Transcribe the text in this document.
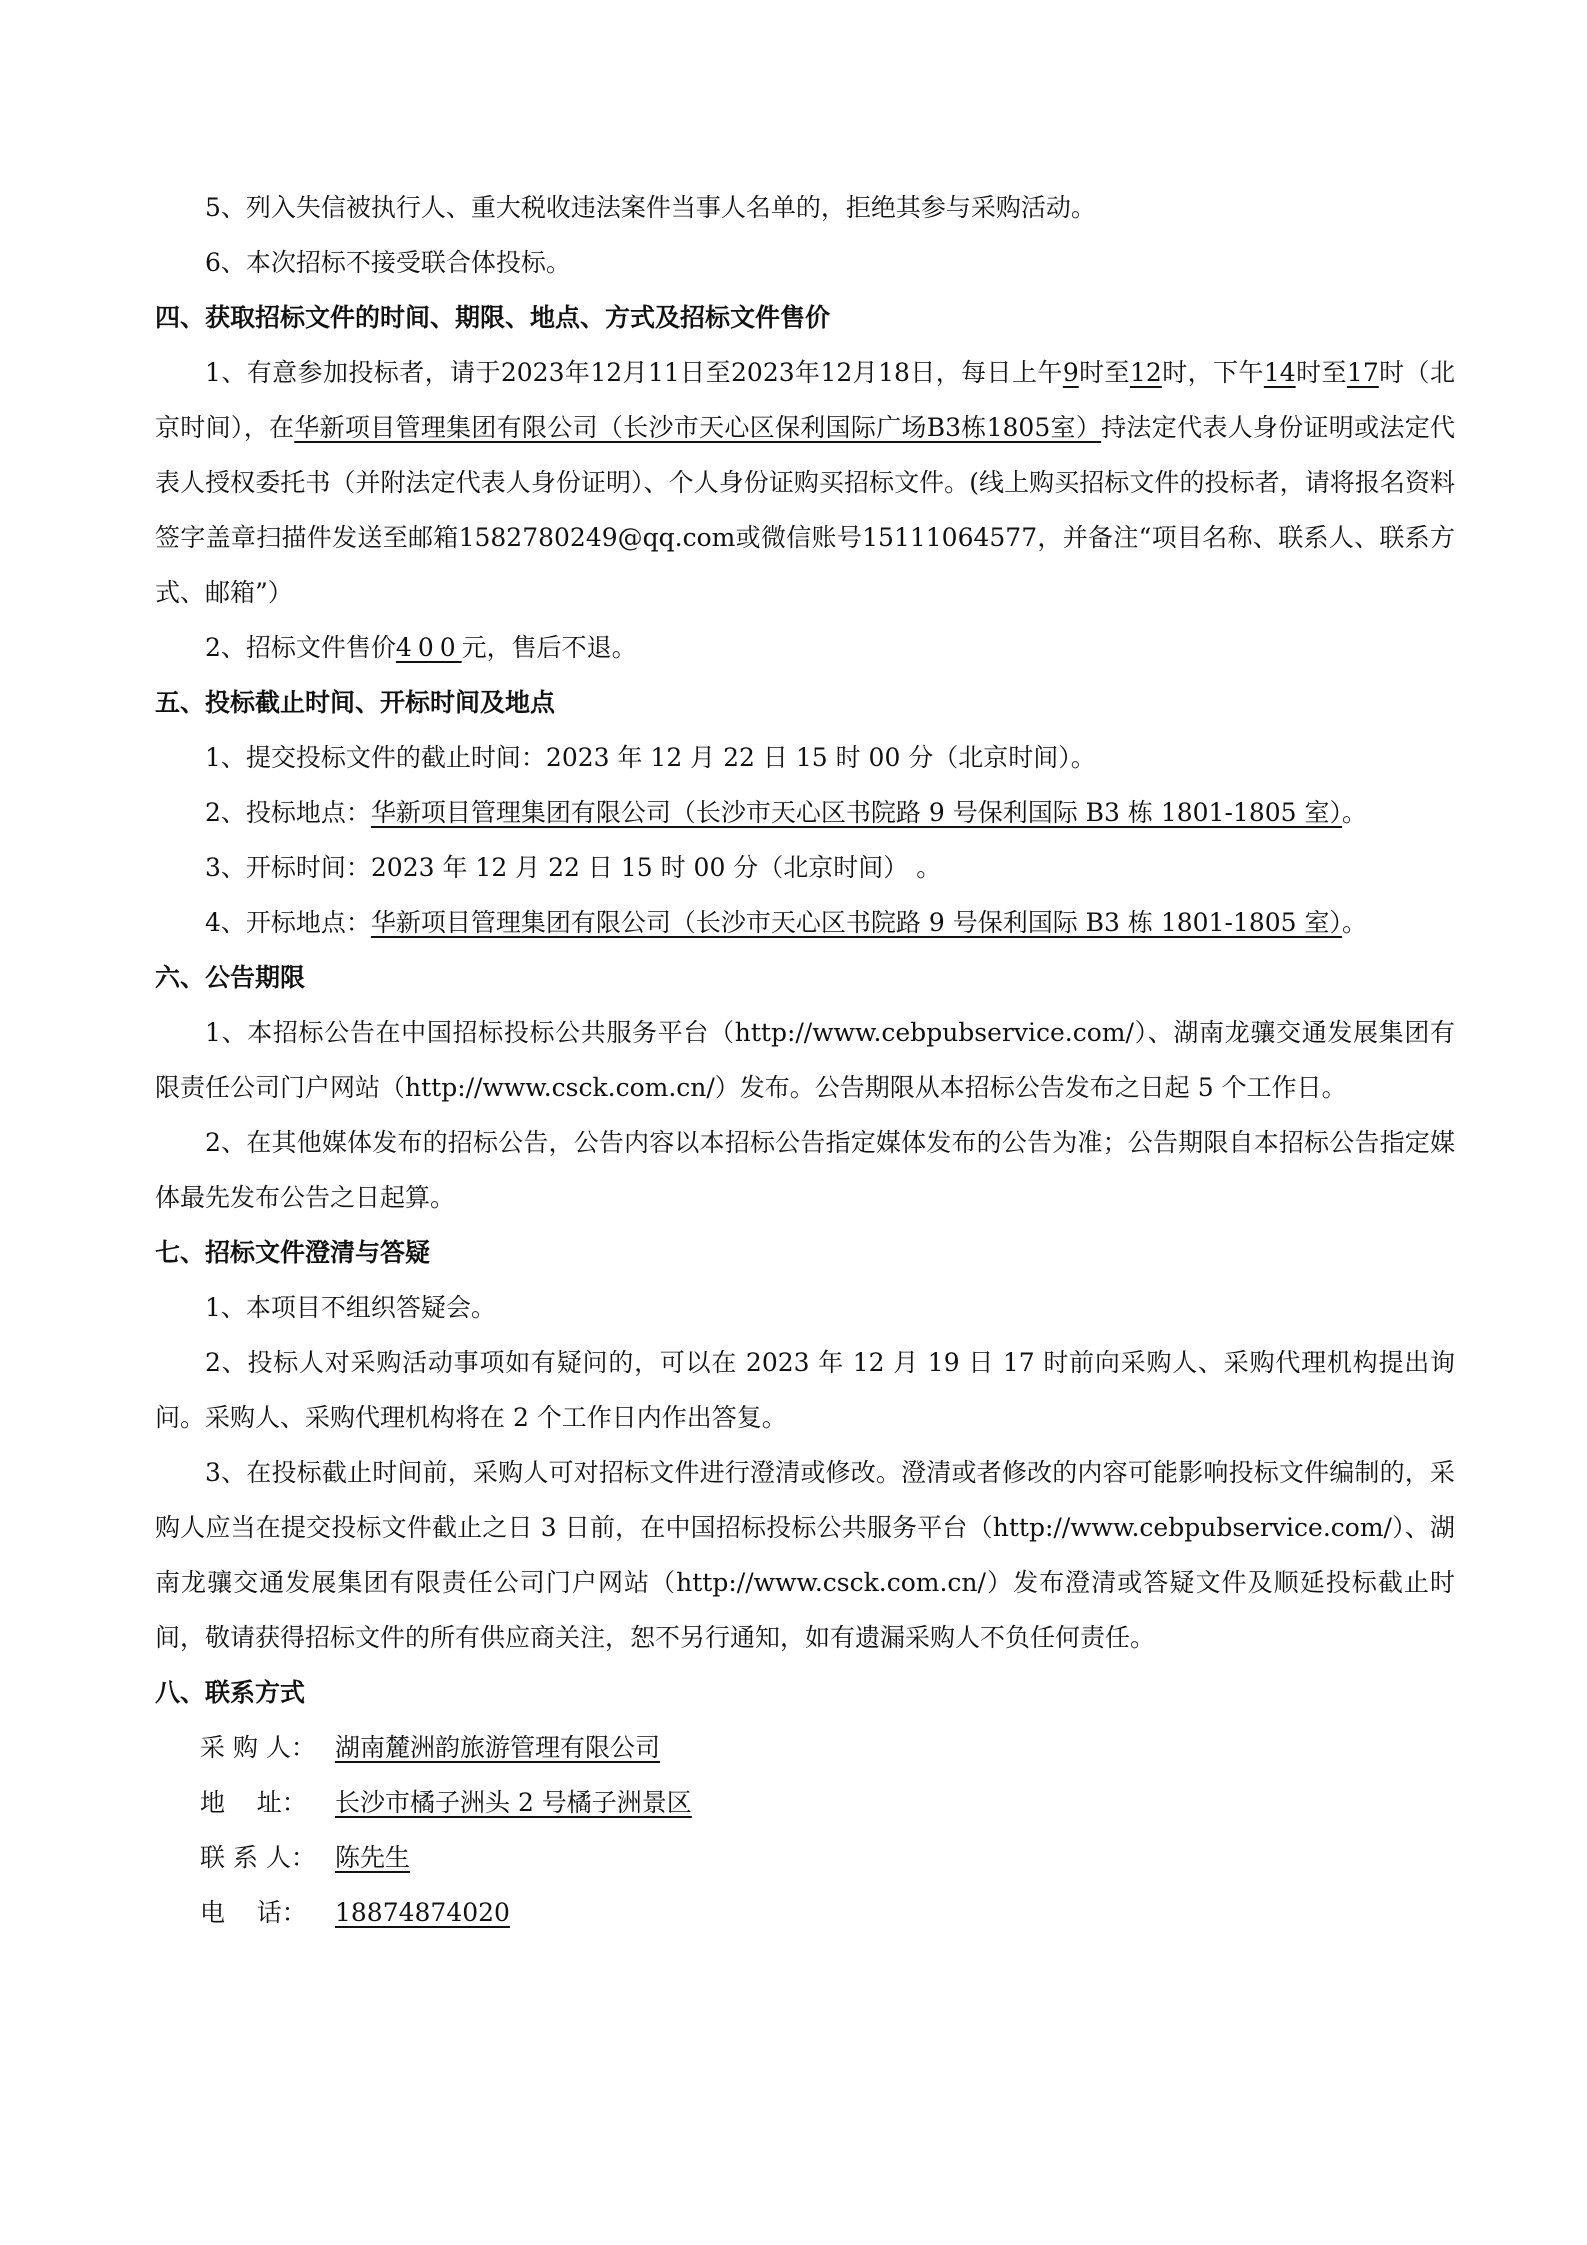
5、列入失信被执行人、重大税收违法案件当事人名单的，拒绝其参与采购活动。

6、本次招标不接受联合体投标。

四、获取招标文件的时间、期限、地点、方式及招标文件售价

1、有意参加投标者，请于2023年12月11日至2023年12月18日，每日上午9时至12时，下午14时至17时（北京时间），在华新项目管理集团有限公司（长沙市天心区保利国际广场B3栋1805室）持法定代表人身份证明或法定代表人授权委托书（并附法定代表人身份证明）、个人身份证购买招标文件。(线上购买招标文件的投标者，请将报名资料签字盖章扫描件发送至邮箱1582780249@qq.com或微信账号15111064577，并备注“项目名称、联系人、联系方式、邮箱”）

2、招标文件售价400元，售后不退。

五、投标截止时间、开标时间及地点

1、提交投标文件的截止时间：2023 年 12 月 22 日 15 时 00 分（北京时间）。

2、投标地点：华新项目管理集团有限公司（长沙市天心区书院路 9 号保利国际 B3 栋 1801-1805 室）。

3、开标时间：2023 年 12 月 22 日 15 时 00 分（北京时间） 。

4、开标地点：华新项目管理集团有限公司（长沙市天心区书院路 9 号保利国际 B3 栋 1801-1805 室）。

六、公告期限

1、本招标公告在中国招标投标公共服务平台（http://www.cebpubservice.com/）、湖南龙骧交通发展集团有限责任公司门户网站（http://www.csck.com.cn/）发布。公告期限从本招标公告发布之日起 5 个工作日。

2、在其他媒体发布的招标公告，公告内容以本招标公告指定媒体发布的公告为准；公告期限自本招标公告指定媒体最先发布公告之日起算。

七、招标文件澄清与答疑

1、本项目不组织答疑会。

2、投标人对采购活动事项如有疑问的，可以在 2023 年 12 月 19 日 17 时前向采购人、采购代理机构提出询问。采购人、采购代理机构将在 2 个工作日内作出答复。

3、在投标截止时间前，采购人可对招标文件进行澄清或修改。澄清或者修改的内容可能影响投标文件编制的，采购人应当在提交投标文件截止之日 3 日前，在中国招标投标公共服务平台（http://www.cebpubservice.com/）、湖南龙骧交通发展集团有限责任公司门户网站（http://www.csck.com.cn/）发布澄清或答疑文件及顺延投标截止时间，敬请获得招标文件的所有供应商关注，恕不另行通知，如有遗漏采购人不负任何责任。

八、联系方式

采 购 人： 湖南麓洲韵旅游管理有限公司

地    址： 长沙市橘子洲头 2 号橘子洲景区

联 系 人： 陈先生

电    话： 18874874020
